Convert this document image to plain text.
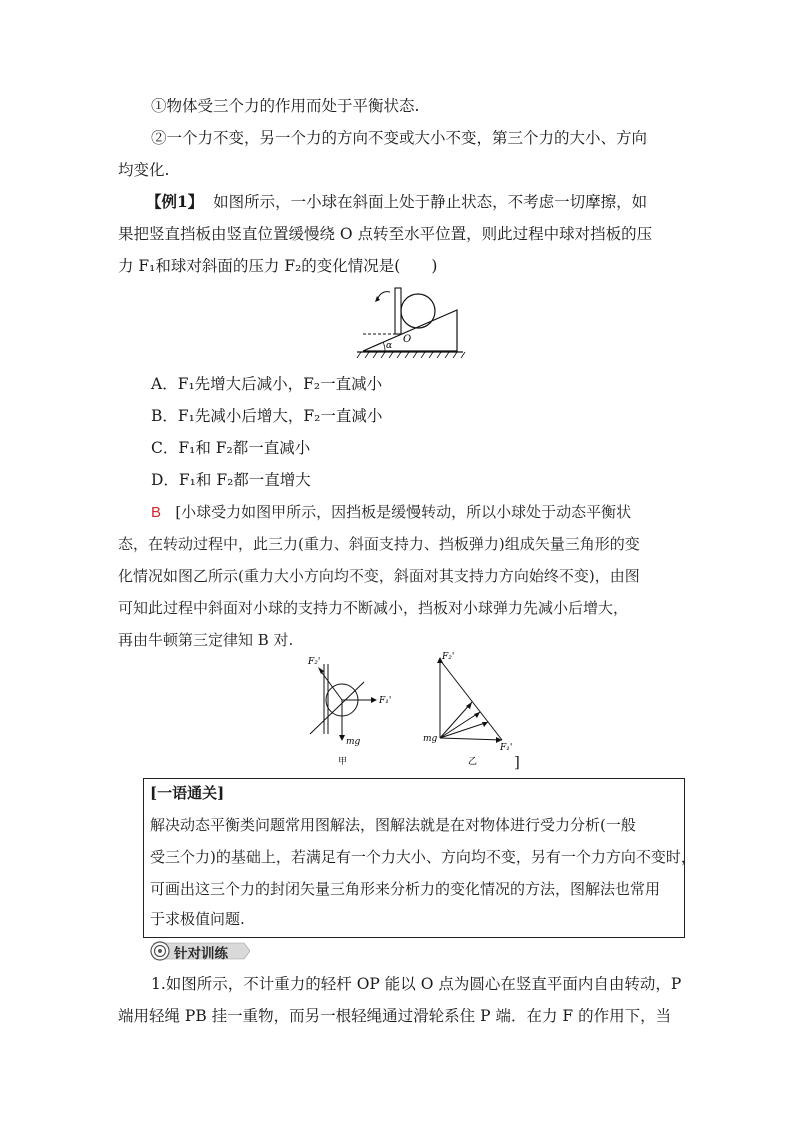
①物体受三个力的作用而处于平衡状态.
②一个力不变，另一个力的方向不变或大小不变，第三个力的大小、方向
均变化.
【例1】 如图所示，一小球在斜面上处于静止状态，不考虑一切摩擦，如
果把竖直挡板由竖直位置缓慢绕 O 点转至水平位置，则此过程中球对挡板的压
力 F₁和球对斜面的压力 F₂的变化情况是(　　)
α
O
A．F₁先增大后减小，F₂一直减小
B．F₁先减小后增大，F₂一直减小
C．F₁和 F₂都一直减小
D．F₁和 F₂都一直增大
B [小球受力如图甲所示，因挡板是缓慢转动，所以小球处于动态平衡状
态，在转动过程中，此三力(重力、斜面支持力、挡板弹力)组成矢量三角形的变
化情况如图乙所示(重力大小方向均不变，斜面对其支持力方向始终不变)，由图
可知此过程中斜面对小球的支持力不断减小，挡板对小球弹力先减小后增大，
再由牛顿第三定律知 B 对.
F₂'
F₁'
mg
甲
F₂'
mg
F₁'
乙 ]
[一语通关]
解决动态平衡类问题常用图解法，图解法就是在对物体进行受力分析(一般
受三个力)的基础上，若满足有一个力大小、方向均不变，另有一个力方向不变时，
可画出这三个力的封闭矢量三角形来分析力的变化情况的方法，图解法也常用
于求极值问题.
针对训练
1.如图所示，不计重力的轻杆 OP 能以 O 点为圆心在竖直平面内自由转动，P
端用轻绳 PB 挂一重物，而另一根轻绳通过滑轮系住 P 端．在力 F 的作用下，当
